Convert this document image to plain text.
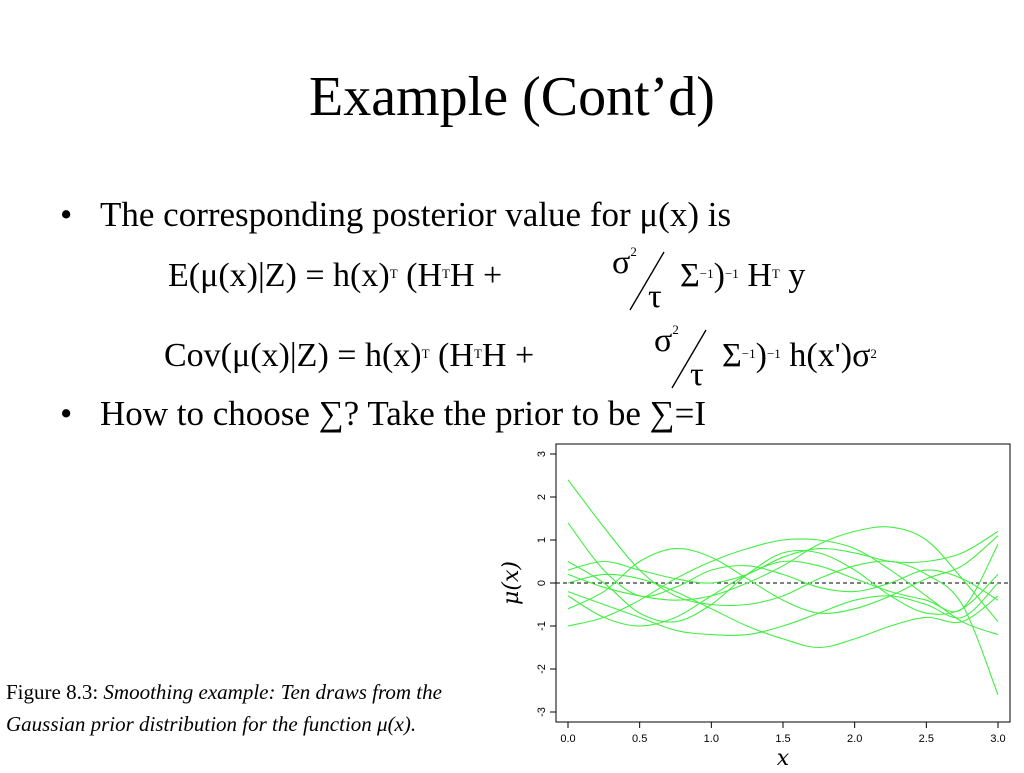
Example (Cont’d)
• The corresponding posterior value for μ(x) is
$E(\mu(x)|Z) = h(x)^T$ ($H^TH$ +	$\sigma^2$
τ
$\Sigma^{-1})^{-1}$ $H^T$ y
$Cov(\mu(x)|Z) = h(x)^T$ ($H^TH$ +	$\sigma^2$
τ
$\Sigma^{-1})^{-1}$ $h(x')\sigma^2$
• How to choose ∑? Take the prior to be ∑=I
Figure 8.3: Smoothing example: Ten draws from the
Gaussian prior distribution for the function μ(x).	-3
-2
-1
0
1
2
3
0.0	0.5	1.0	1.5	2.0	2.5	3.0
x
μ(x)
